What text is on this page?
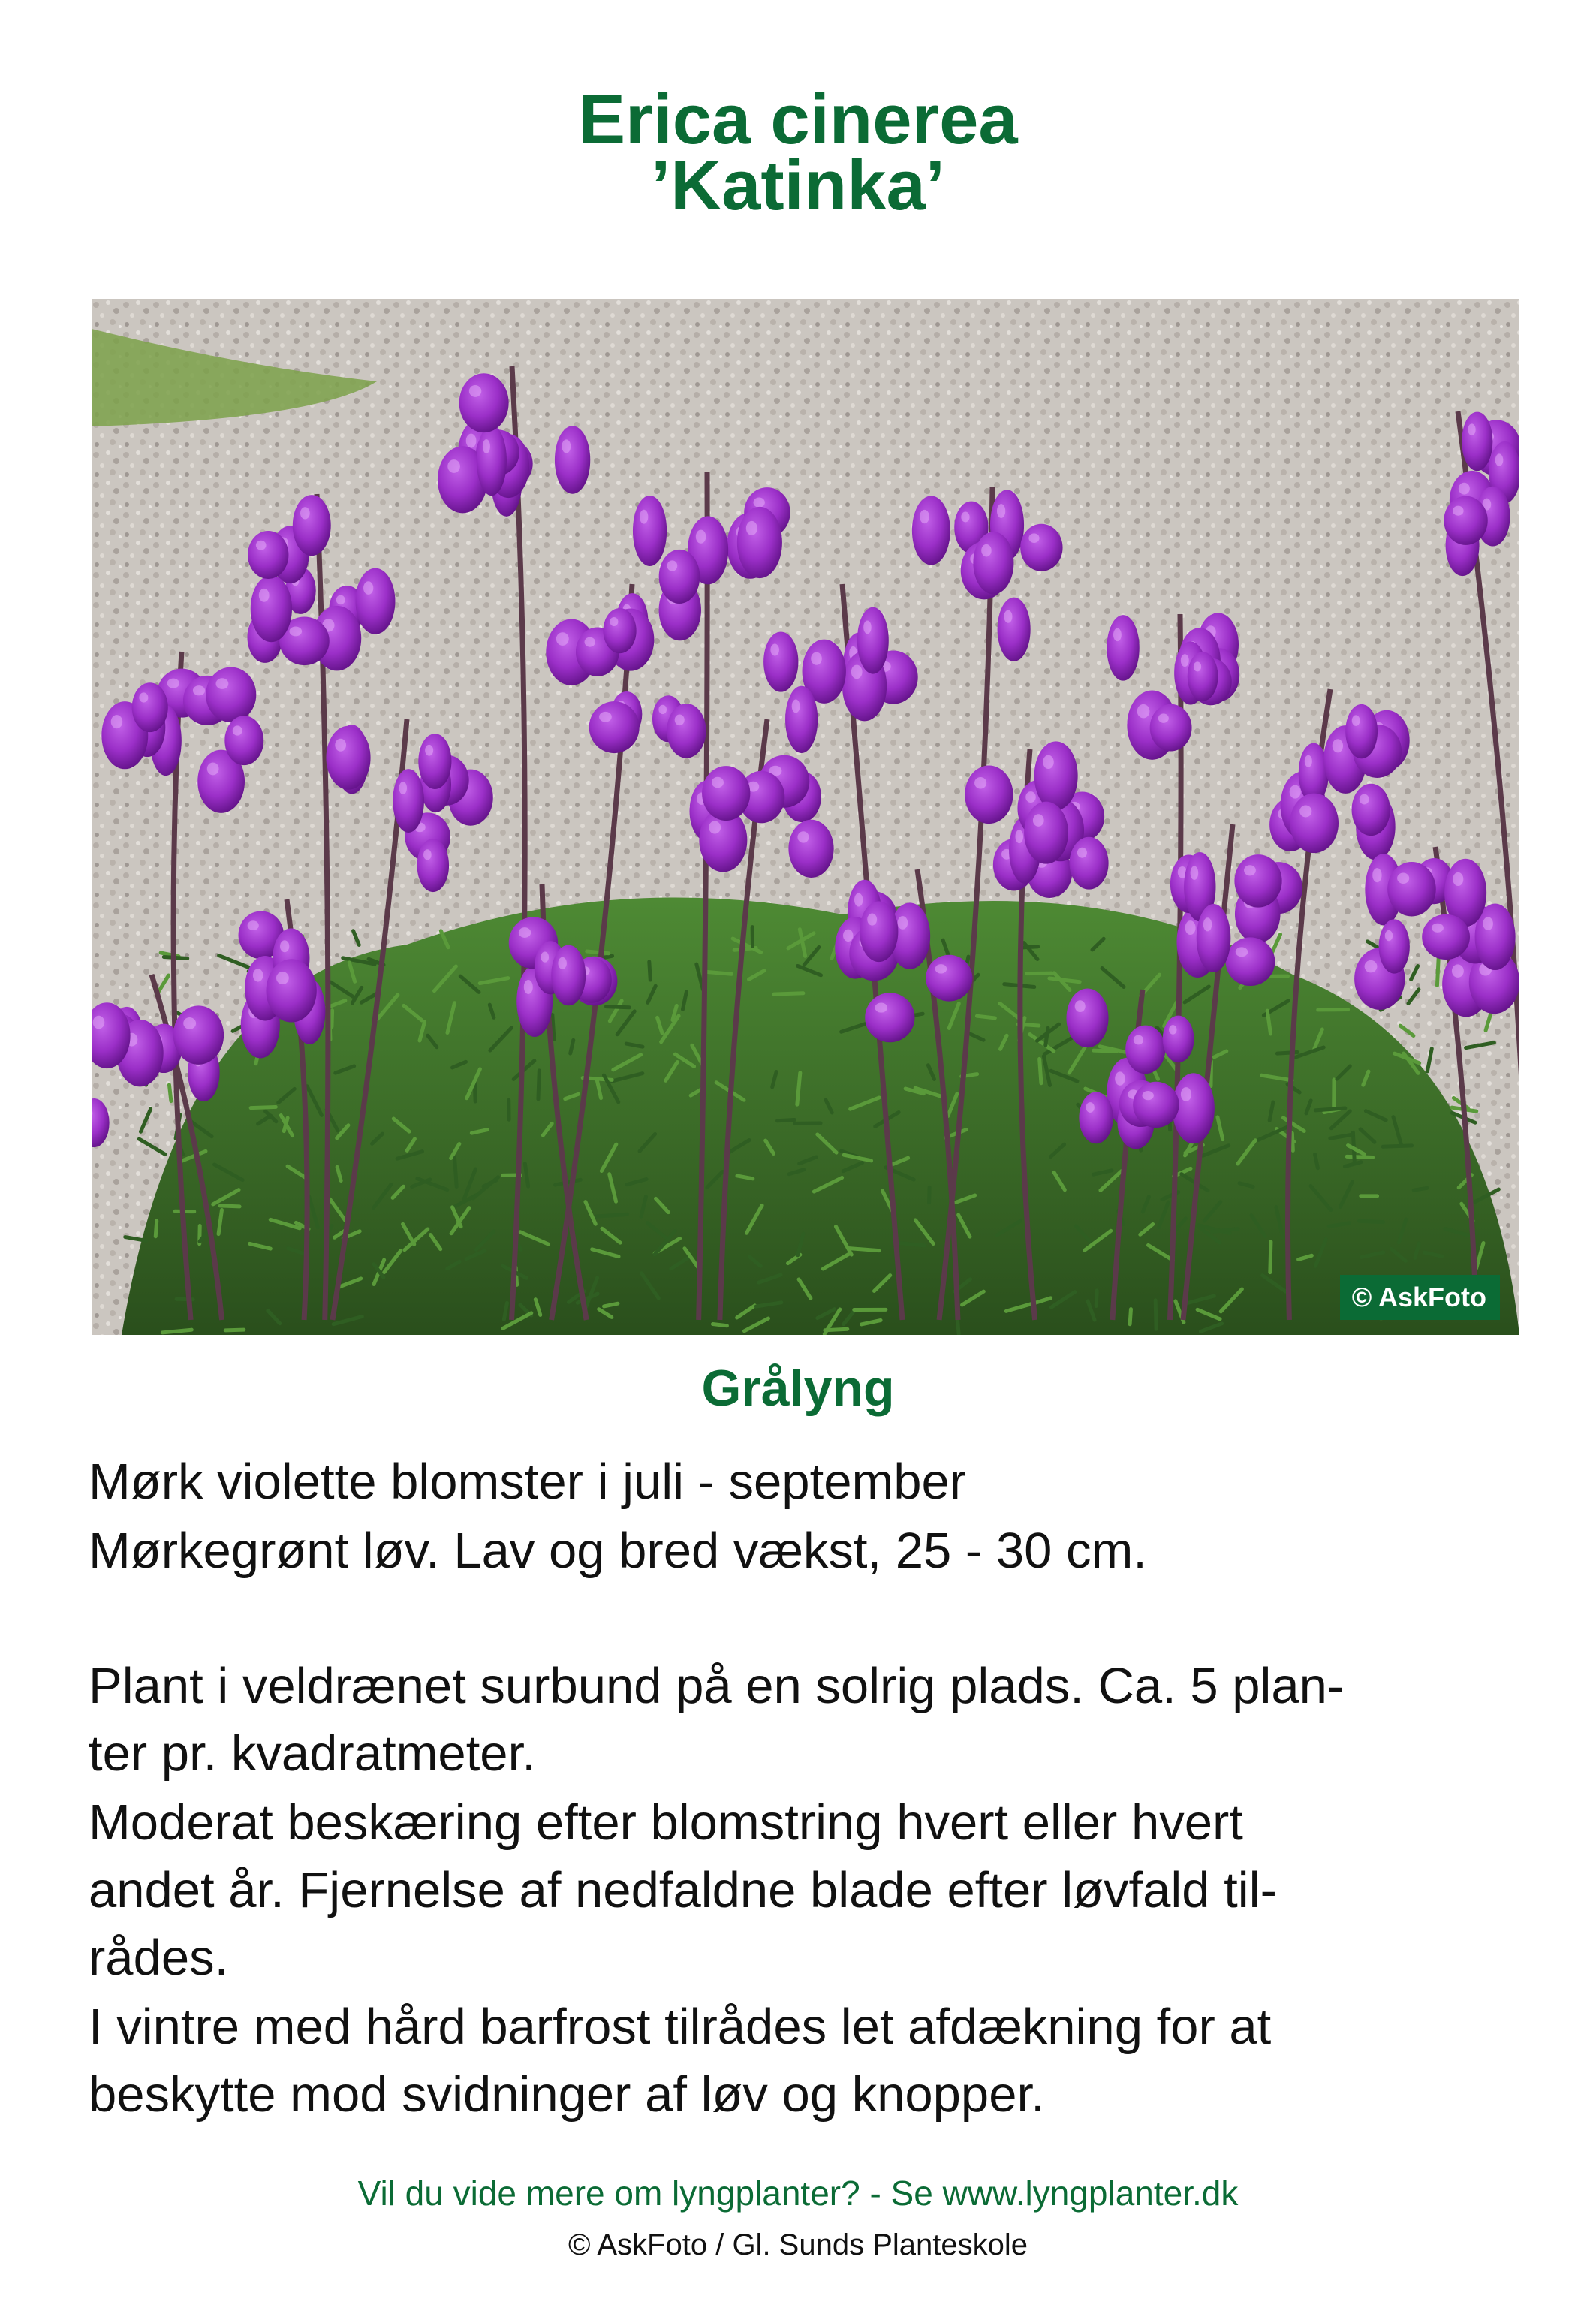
Erica cinerea
’Katinka’
© AskFoto
Grålyng

Mørk violette blomster i juli - september

Mørkegrønt løv. Lav og bred vækst, 25 - 30 cm.

Plant i veldrænet surbund på en solrig plads. Ca. 5 plan-

ter pr. kvadratmeter.

Moderat beskæring efter blomstring hvert eller hvert

andet år. Fjernelse af nedfaldne blade efter løvfald til-

rådes.

I vintre med hård barfrost tilrådes let afdækning for at

beskytte mod svidninger af løv og knopper.

Vil du vide mere om lyngplanter? - Se www.lyngplanter.dk

© AskFoto / Gl. Sunds Planteskole
